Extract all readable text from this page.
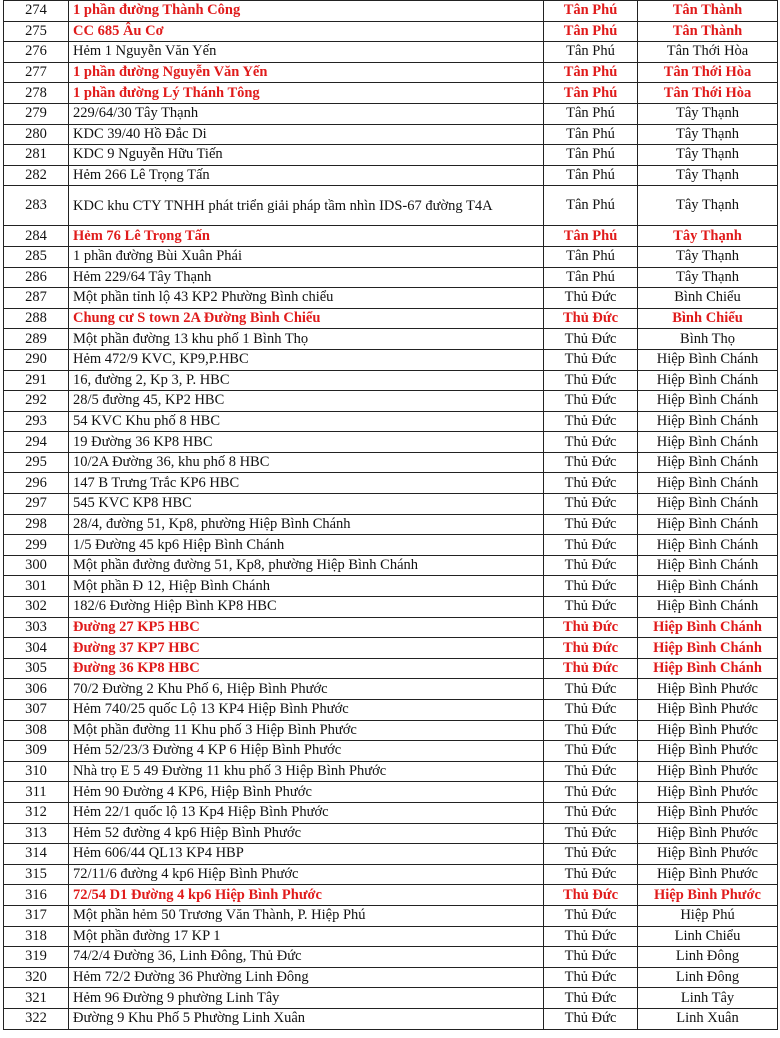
274	1 phần đường Thành Công	Tân Phú	Tân Thành
275	CC 685 Âu Cơ	Tân Phú	Tân Thành
276	Hẻm 1 Nguyễn Văn Yến	Tân Phú	Tân Thới Hòa
277	1 phần đường Nguyễn Văn Yến	Tân Phú	Tân Thới Hòa
278	1 phần đường Lý Thánh Tông	Tân Phú	Tân Thới Hòa
279	229/64/30 Tây Thạnh	Tân Phú	Tây Thạnh
280	KDC 39/40 Hồ Đắc Di	Tân Phú	Tây Thạnh
281	KDC 9 Nguyễn Hữu Tiến	Tân Phú	Tây Thạnh
282	Hẻm 266 Lê Trọng Tấn	Tân Phú	Tây Thạnh
283	KDC khu CTY TNHH phát triển giải pháp tầm nhìn IDS-67 đường T4A	Tân Phú	Tây Thạnh
284	Hẻm 76 Lê Trọng Tấn	Tân Phú	Tây Thạnh
285	1 phần đường Bùi Xuân Phái	Tân Phú	Tây Thạnh
286	Hẻm 229/64 Tây Thạnh	Tân Phú	Tây Thạnh
287	Một phần tỉnh lộ 43 KP2 Phường Bình chiểu	Thủ Đức	Bình Chiểu
288	Chung cư S town 2A Đường Bình Chiểu	Thủ Đức	Bình Chiểu
289	Một phần đường 13 khu phố 1 Bình Thọ	Thủ Đức	Bình Thọ
290	Hẻm 472/9 KVC, KP9,P.HBC	Thủ Đức	Hiệp Bình Chánh
291	16, đường 2, Kp 3, P. HBC	Thủ Đức	Hiệp Bình Chánh
292	28/5 đường 45, KP2 HBC	Thủ Đức	Hiệp Bình Chánh
293	54 KVC Khu phố 8 HBC	Thủ Đức	Hiệp Bình Chánh
294	19 Đường 36 KP8 HBC	Thủ Đức	Hiệp Bình Chánh
295	10/2A Đường 36, khu phố 8 HBC	Thủ Đức	Hiệp Bình Chánh
296	147 B Trưng Trắc KP6 HBC	Thủ Đức	Hiệp Bình Chánh
297	545 KVC KP8 HBC	Thủ Đức	Hiệp Bình Chánh
298	28/4, đường 51, Kp8, phường Hiệp Bình Chánh	Thủ Đức	Hiệp Bình Chánh
299	1/5 Đường 45 kp6 Hiệp Bình Chánh	Thủ Đức	Hiệp Bình Chánh
300	Một phần đường đường 51, Kp8, phường Hiệp Bình Chánh	Thủ Đức	Hiệp Bình Chánh
301	Một phần Đ 12, Hiệp Bình Chánh	Thủ Đức	Hiệp Bình Chánh
302	182/6 Đường Hiệp Bình KP8 HBC	Thủ Đức	Hiệp Bình Chánh
303	Đường 27 KP5 HBC	Thủ Đức	Hiệp Bình Chánh
304	Đường 37 KP7 HBC	Thủ Đức	Hiệp Bình Chánh
305	Đường 36 KP8 HBC	Thủ Đức	Hiệp Bình Chánh
306	70/2 Đường 2 Khu Phố 6, Hiệp Bình Phước	Thủ Đức	Hiệp Bình Phước
307	Hẻm 740/25 quốc Lộ 13 KP4 Hiệp Bình Phước	Thủ Đức	Hiệp Bình Phước
308	Một phần đường 11 Khu phố 3 Hiệp Bình Phước	Thủ Đức	Hiệp Bình Phước
309	Hẻm 52/23/3 Đường 4 KP 6 Hiệp Bình Phước	Thủ Đức	Hiệp Bình Phước
310	Nhà trọ E 5 49 Đường 11 khu phố 3 Hiệp Bình Phước	Thủ Đức	Hiệp Bình Phước
311	Hẻm 90 Đường 4 KP6, Hiệp Bình Phước	Thủ Đức	Hiệp Bình Phước
312	Hẻm 22/1 quốc lộ 13 Kp4 Hiệp Bình Phước	Thủ Đức	Hiệp Bình Phước
313	Hẻm 52 đường 4 kp6 Hiệp Bình Phước	Thủ Đức	Hiệp Bình Phước
314	Hẻm 606/44 QL13 KP4 HBP	Thủ Đức	Hiệp Bình Phước
315	72/11/6 đường 4 kp6 Hiệp Bình Phước	Thủ Đức	Hiệp Bình Phước
316	72/54 D1 Đường 4 kp6 Hiệp Bình Phước	Thủ Đức	Hiệp Bình Phước
317	Một phần hẻm 50 Trương Văn Thành, P. Hiệp Phú	Thủ Đức	Hiệp Phú
318	Một phần đường 17 KP 1	Thủ Đức	Linh Chiểu
319	74/2/4 Đường 36, Linh Đông, Thủ Đức	Thủ Đức	Linh Đông
320	Hẻm 72/2 Đường 36 Phường Linh Đông	Thủ Đức	Linh Đông
321	Hẻm 96 Đường 9 phường Linh Tây	Thủ Đức	Linh Tây
322	Đường 9 Khu Phố 5 Phường Linh Xuân	Thủ Đức	Linh Xuân
